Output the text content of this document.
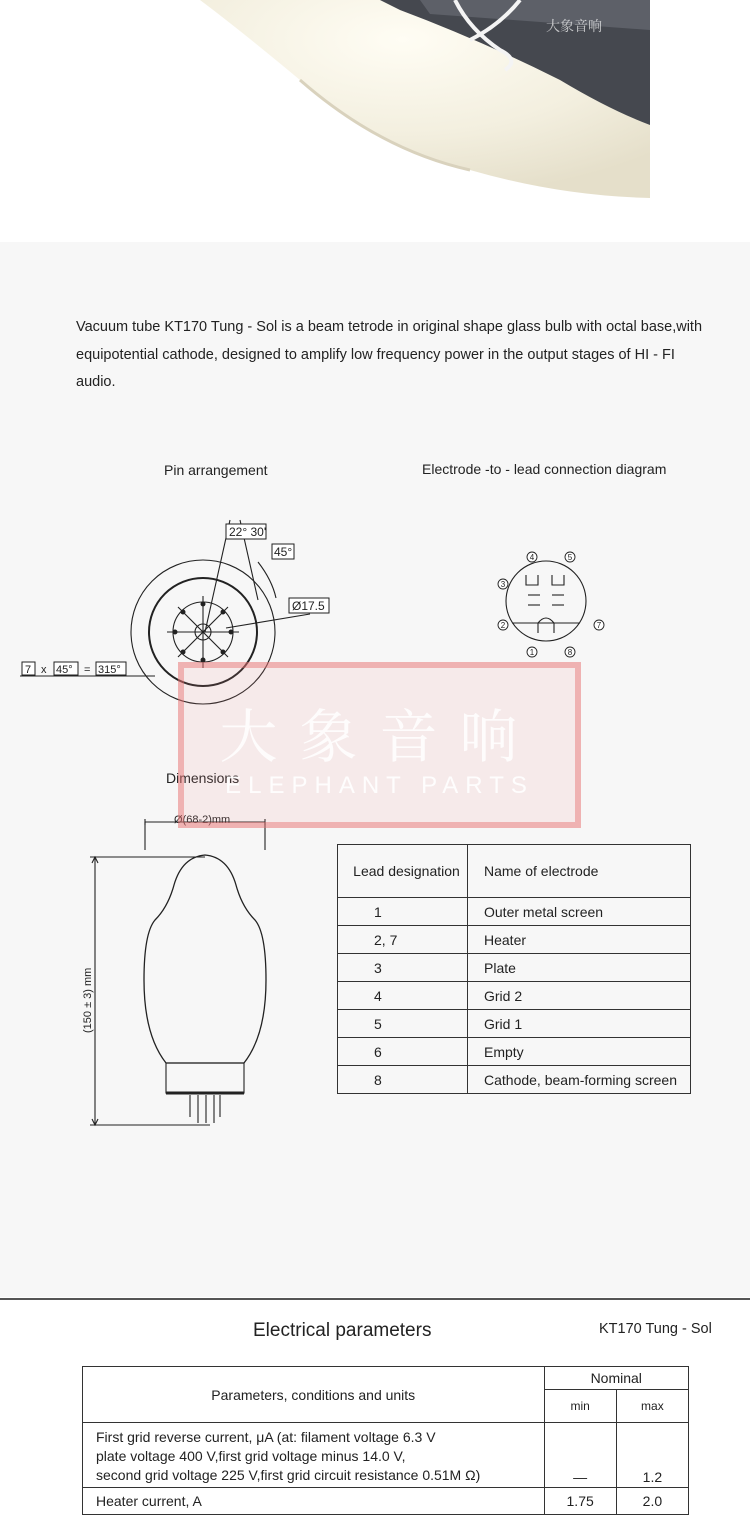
大象音响
Vacuum tube KT170 Tung - Sol is a beam tetrode in original shape glass bulb with octal base,with equipotential cathode, designed to amplify low frequency power in the output stages of HI - FI audio.
Pin arrangement	Electrode -to - lead connection diagram
22° 30'
45°
Ø17.5
7 x 45° = 315°
1
2
3
4	5
7
8
Dimensions
Ø(68-2)mm
(150 ± 3) mm
Lead designation	Name of electrode
1	Outer metal screen
2, 7	Heater
3	Plate
4	Grid 2
5	Grid 1
6	Empty
8	Cathode, beam-forming screen
大象音响
ELEPHANT PARTS
Electrical parameters	KT170 Tung - Sol
Parameters, conditions and units	Nominal	
	min	max

First grid reverse current, μA (at: filament voltage 6.3 V
plate voltage 400 V,first grid voltage minus 14.0 V,
second grid voltage 225 V,first grid circuit resistance 0.51M Ω)	—	1.2
Heater current, A	1.75	2.0
